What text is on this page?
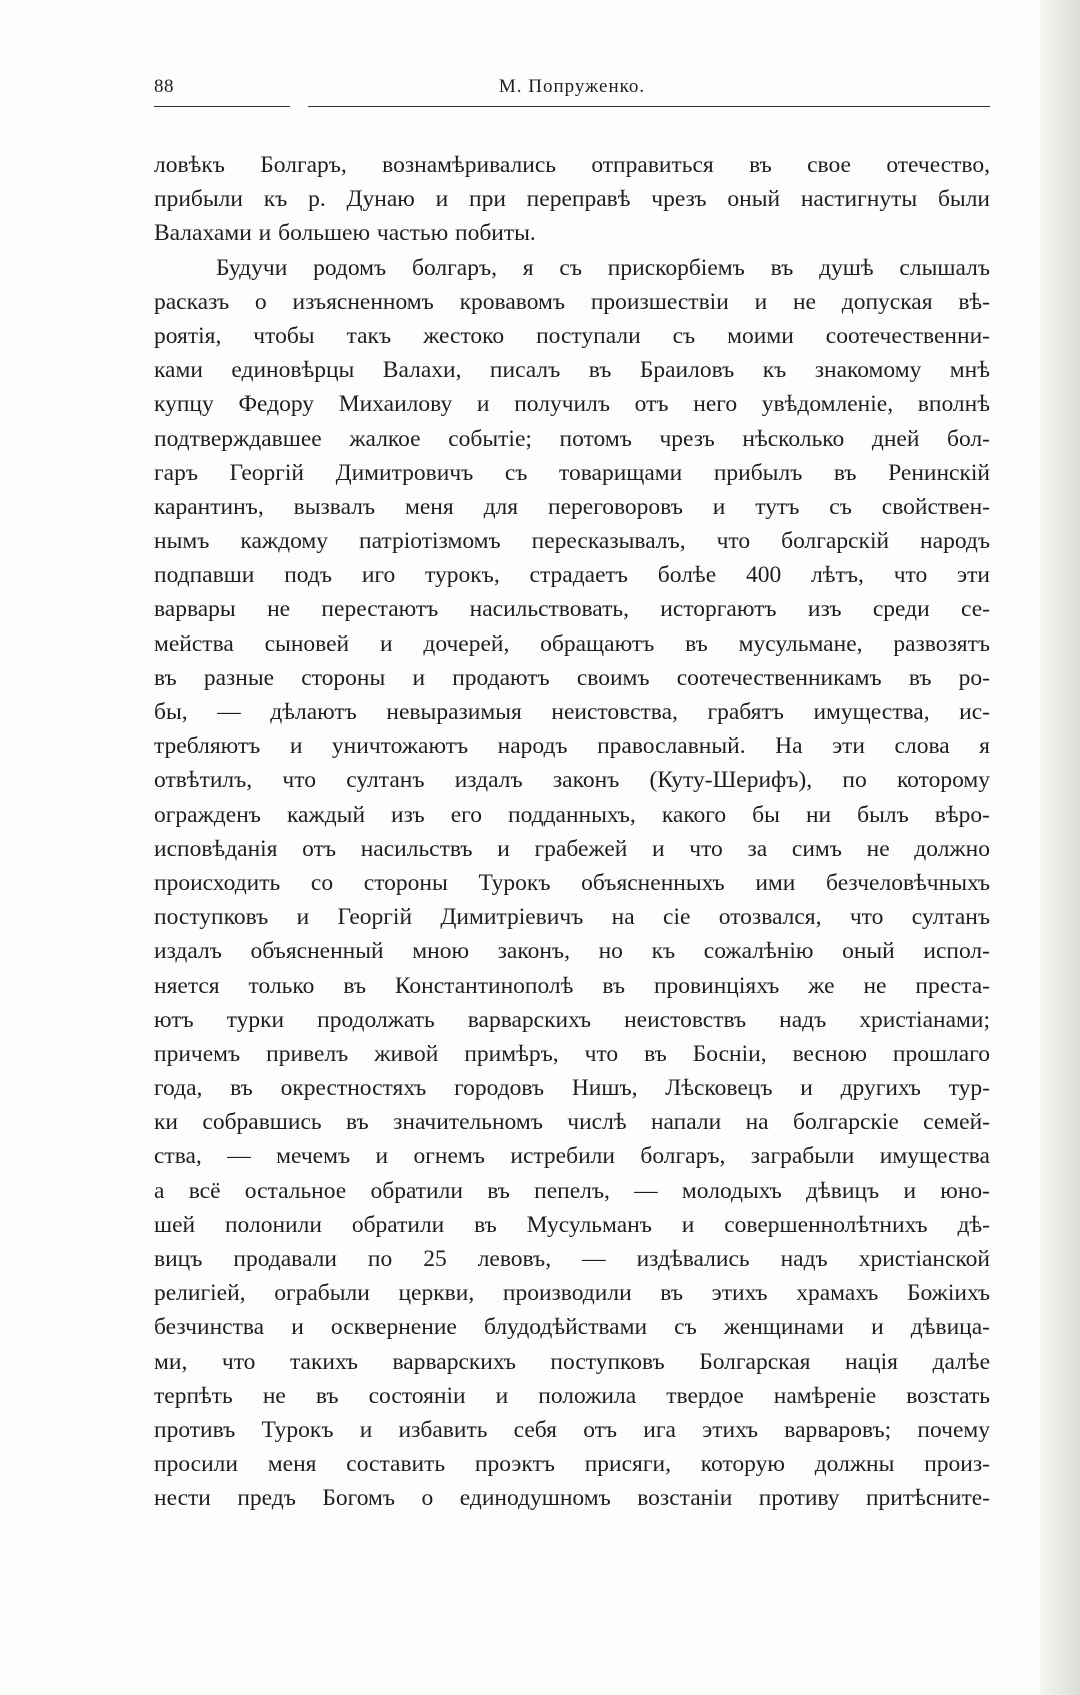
88	М. Попруженко.
ловѣкъ Болгаръ, вознамѣривались отправиться въ свое отечество,
прибыли къ р. Дунаю и при переправѣ чрезъ оный настигнуты были
Валахами и большею частью побиты.
Будучи родомъ болгаръ, я съ прискорбіемъ въ душѣ слышалъ
расказъ о изъясненномъ кровавомъ произшествіи и не допуская вѣ-
роятія, чтобы такъ жестоко поступали съ моими соотечественни-
ками единовѣрцы Валахи, писалъ въ Браиловъ къ знакомому мнѣ
купцу Федору Михаилову и получилъ отъ него увѣдомленіе, вполнѣ
подтверждавшее жалкое событіе; потомъ чрезъ нѣсколько дней бол-
гаръ Георгій Димитровичъ съ товарищами прибылъ въ Ренинскій
карантинъ, вызвалъ меня для переговоровъ и тутъ съ свойствен-
нымъ каждому патріотізмомъ пересказывалъ, что болгарскій народъ
подпавши подъ иго турокъ, страдаетъ болѣе 400 лѣтъ, что эти
варвары не перестаютъ насильствовать, исторгаютъ изъ среди се-
мейства сыновей и дочерей, обращаютъ въ мусульмане, развозятъ
въ разные стороны и продаютъ своимъ соотечественникамъ въ ро-
бы, — дѣлаютъ невыразимыя неистовства, грабятъ имущества, ис-
требляютъ и уничтожаютъ народъ православный. На эти слова я
отвѣтилъ, что султанъ издалъ законъ (Куту-Шерифъ), по которому
огражденъ каждый изъ его подданныхъ, какого бы ни былъ вѣро-
исповѣданія отъ насильствъ и грабежей и что за симъ не должно
происходить со стороны Турокъ объясненныхъ ими безчеловѣчныхъ
поступковъ и Георгій Димитріевичъ на сіе отозвался, что султанъ
издалъ объясненный мною законъ, но къ сожалѣнію оный испол-
няется только въ Константинополѣ въ провинціяхъ же не преста-
ютъ турки продолжать варварскихъ неистовствъ надъ христіанами;
причемъ привелъ живой примѣръ, что въ Босніи, весною прошлаго
года, въ окрестностяхъ городовъ Нишъ, Лѣсковецъ и другихъ тур-
ки собравшись въ значительномъ числѣ напали на болгарскіе семей-
ства, — мечемъ и огнемъ истребили болгаръ, заграбыли имущества
а всё остальное обратили въ пепелъ, — молодыхъ дѣвицъ и юно-
шей полонили обратили въ Мусульманъ и совершеннолѣтнихъ дѣ-
вицъ продавали по 25 левовъ, — издѣвались надъ христіанской
религіей, ограбыли церкви, производили въ этихъ храмахъ Божіихъ
безчинства и осквернение блудодѣйствами съ женщинами и дѣвица-
ми, что такихъ варварскихъ поступковъ Болгарская нація далѣе
терпѣть не въ состояніи и положила твердое намѣреніе возстать
противъ Турокъ и избавить себя отъ ига этихъ варваровъ; почему
просили меня составить проэктъ присяги, которую должны произ-
нести предъ Богомъ о единодушномъ возстаніи противу притѣсните-
